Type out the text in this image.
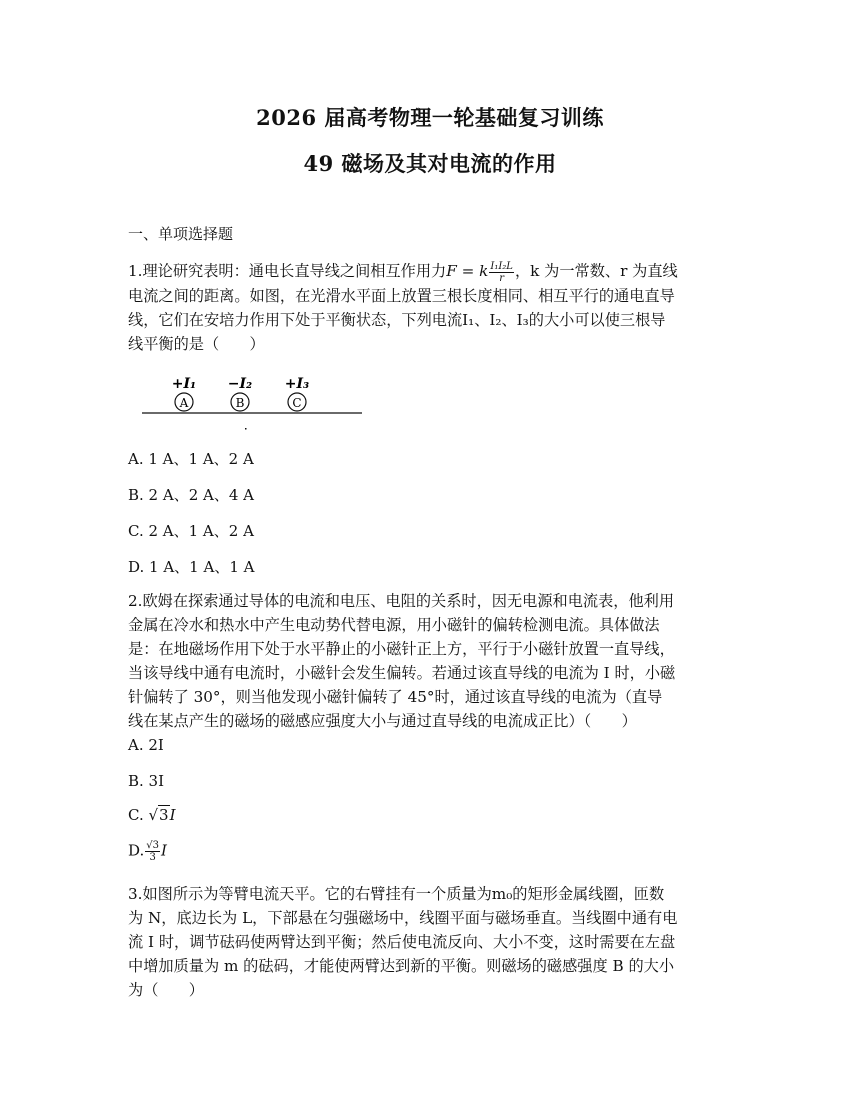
2026 届高考物理一轮基础复习训练
49 磁场及其对电流的作用
一、单项选择题
1.理论研究表明：通电长直导线之间相互作用力F = k $\frac{\text{I₁I₂L}}{r}$ ，k 为一常数、r 为直线
电流之间的距离。如图，在光滑水平面上放置三根长度相同、相互平行的通电直导
线，它们在安培力作用下处于平衡状态，下列电流I₁、I₂、I₃的大小可以使三根导
线平衡的是（　　）
+I₁ −I₂ +I₃
A	B	C
A. 1 A、1 A、2 A
B. 2 A、2 A、4 A
C. 2 A、1 A、2 A
D. 1 A、1 A、1 A
2.欧姆在探索通过导体的电流和电压、电阻的关系时，因无电源和电流表，他利用
金属在冷水和热水中产生电动势代替电源，用小磁针的偏转检测电流。具体做法
是：在地磁场作用下处于水平静止的小磁针正上方，平行于小磁针放置一直导线，
当该导线中通有电流时，小磁针会发生偏转。若通过该直导线的电流为 I 时，小磁
针偏转了 30°，则当他发现小磁针偏转了 45°时，通过该直导线的电流为（直导
线在某点产生的磁场的磁感应强度大小与通过直导线的电流成正比）（　　）
A. 2I
B. 3I
C. √3I
D. $\frac{√3}{3}$ I
3.如图所示为等臂电流天平。它的右臂挂有一个质量为m₀的矩形金属线圈，匝数
为 N，底边长为 L，下部悬在匀强磁场中，线圈平面与磁场垂直。当线圈中通有电
流 I 时，调节砝码使两臂达到平衡；然后使电流反向、大小不变，这时需要在左盘
中增加质量为 m 的砝码，才能使两臂达到新的平衡。则磁场的磁感强度 B 的大小
为（　　）
